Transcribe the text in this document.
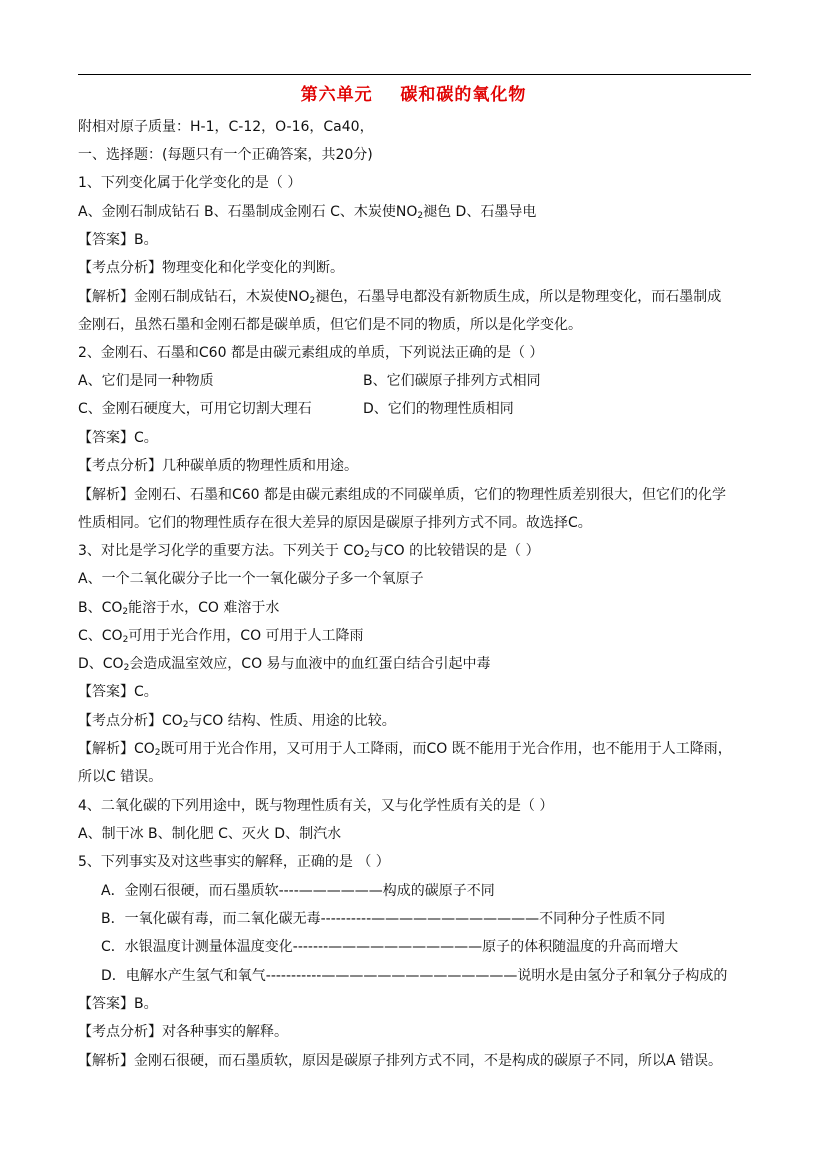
第六单元    碳和碳的氧化物
附相对原子质量：H-1，C-12，O-16，Ca40，
一、选择题：(每题只有一个正确答案，共20分)
1、下列变化属于化学变化的是（ ）
A、金刚石制成钻石 B、石墨制成金刚石 C、木炭使$NO_2$褪色 D、石墨导电
【答案】B。
【考点分析】物理变化和化学变化的判断。
【解析】金刚石制成钻石，木炭使$NO_2$褪色，石墨导电都没有新物质生成，所以是物理变化，而石墨制成
金刚石，虽然石墨和金刚石都是碳单质，但它们是不同的物质，所以是化学变化。
2、金刚石、石墨和C60 都是由碳元素组成的单质，下列说法正确的是（ ）
A、它们是同一种物质	B、它们碳原子排列方式相同
C、金刚石硬度大，可用它切割大理石	D、它们的物理性质相同
【答案】C。
【考点分析】几种碳单质的物理性质和用途。
【解析】金刚石、石墨和C60 都是由碳元素组成的不同碳单质，它们的物理性质差别很大，但它们的化学
性质相同。它们的物理性质存在很大差异的原因是碳原子排列方式不同。故选择C。
3、对比是学习化学的重要方法。下列关于 $CO_2$与CO 的比较错误的是（ ）
A、一个二氧化碳分子比一个一氧化碳分子多一个氧原子
B、$CO_2$能溶于水，CO 难溶于水
C、$CO_2$可用于光合作用，CO 可用于人工降雨
D、$CO_2$会造成温室效应，CO 易与血液中的血红蛋白结合引起中毒
【答案】C。
【考点分析】$CO_2$与CO 结构、性质、用途的比较。
【解析】$CO_2$既可用于光合作用，又可用于人工降雨，而CO 既不能用于光合作用，也不能用于人工降雨，
所以C 错误。
4、二氧化碳的下列用途中，既与物理性质有关，又与化学性质有关的是（ ）
A、制干冰 B、制化肥 C、灭火 D、制汽水
5、下列事实及对这些事实的解释，正确的是 （ ）
A．金刚石很硬，而石墨质软----——————构成的碳原子不同
B．一氧化碳有毒，而二氧化碳无毒----------————————————不同种分子性质不同
C．水银温度计测量体温度变化-------———————————原子的体积随温度的升高而增大
D．电解水产生氢气和氧气-----------——————————————说明水是由氢分子和氧分子构成的
【答案】B。
【考点分析】对各种事实的解释。
【解析】金刚石很硬，而石墨质软，原因是碳原子排列方式不同，不是构成的碳原子不同，所以A 错误。
